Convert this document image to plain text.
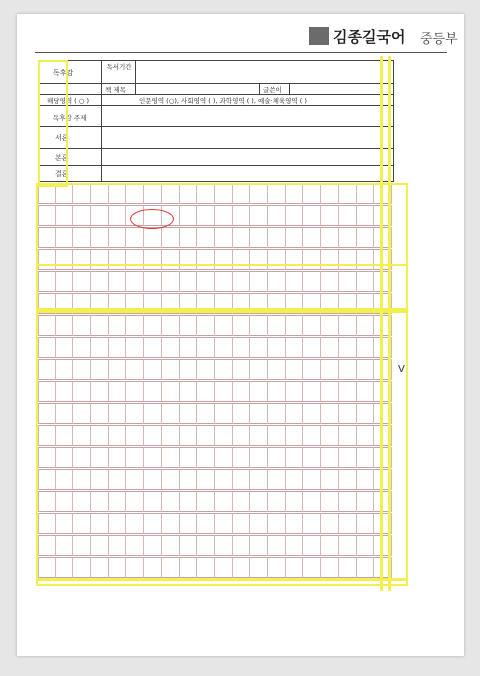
김종길국어 중등부
독후감
독서기간
책 제목	글쓴이
해당영역 ( ○ )	인문영역 (○), 사회영역 ( ), 과학영역 ( ), 예술·체육영역 ( )
독후감 주제
서론
본론
결론
V
